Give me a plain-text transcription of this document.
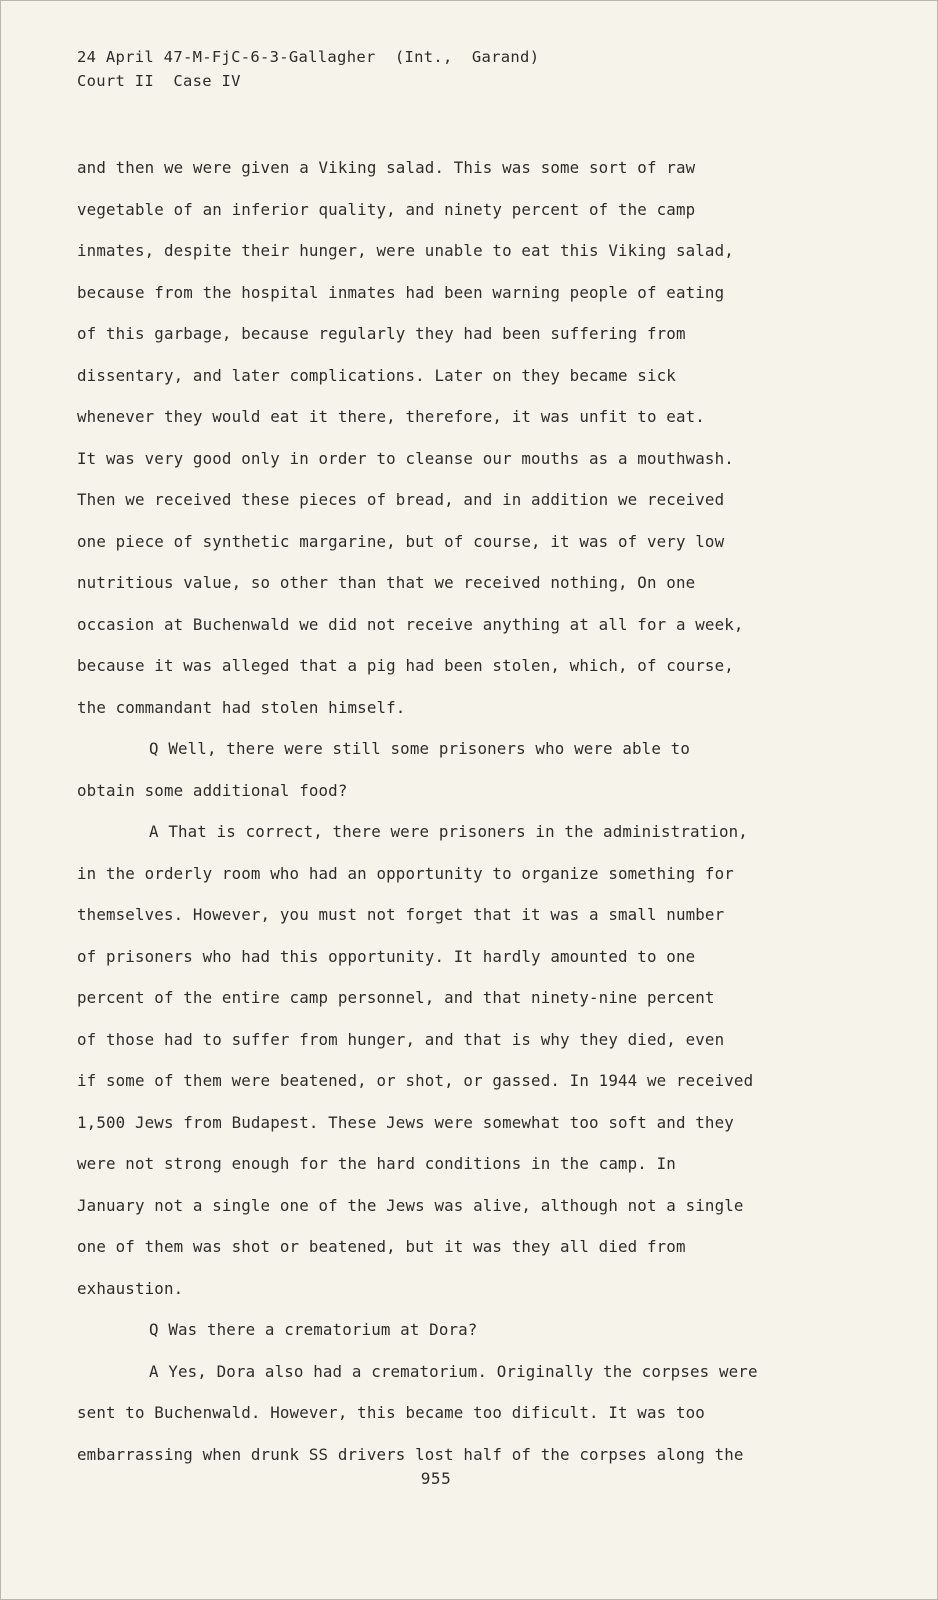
24 April 47-M-FjC-6-3-Gallagher  (Int.,  Garand)
Court II  Case IV
and then we were given a Viking salad. This was some sort of raw
vegetable of an inferior quality, and ninety percent of the camp
inmates, despite their hunger, were unable to eat this Viking salad,
because from the hospital inmates had been warning people of eating
of this garbage, because regularly they had been suffering from
dissentary, and later complications. Later on they became sick
whenever they would eat it there, therefore, it was unfit to eat.
It was very good only in order to cleanse our mouths as a mouthwash.
Then we received these pieces of bread, and in addition we received
one piece of synthetic margarine, but of course, it was of very low
nutritious value, so other than that we received nothing, On one
occasion at Buchenwald we did not receive anything at all for a week,
because it was alleged that a pig had been stolen, which, of course,
the commandant had stolen himself.
Q Well, there were still some prisoners who were able to
obtain some additional food?
A That is correct, there were prisoners in the administration,
in the orderly room who had an opportunity to organize something for
themselves. However, you must not forget that it was a small number
of prisoners who had this opportunity. It hardly amounted to one
percent of the entire camp personnel, and that ninety-nine percent
of those had to suffer from hunger, and that is why they died, even
if some of them were beatened, or shot, or gassed. In 1944 we received
1,500 Jews from Budapest. These Jews were somewhat too soft and they
were not strong enough for the hard conditions in the camp. In
January not a single one of the Jews was alive, although not a single
one of them was shot or beatened, but it was they all died from
exhaustion.
Q Was there a crematorium at Dora?
A Yes, Dora also had a crematorium. Originally the corpses were
sent to Buchenwald. However, this became too dificult. It was too
embarrassing when drunk SS drivers lost half of the corpses along the
955
